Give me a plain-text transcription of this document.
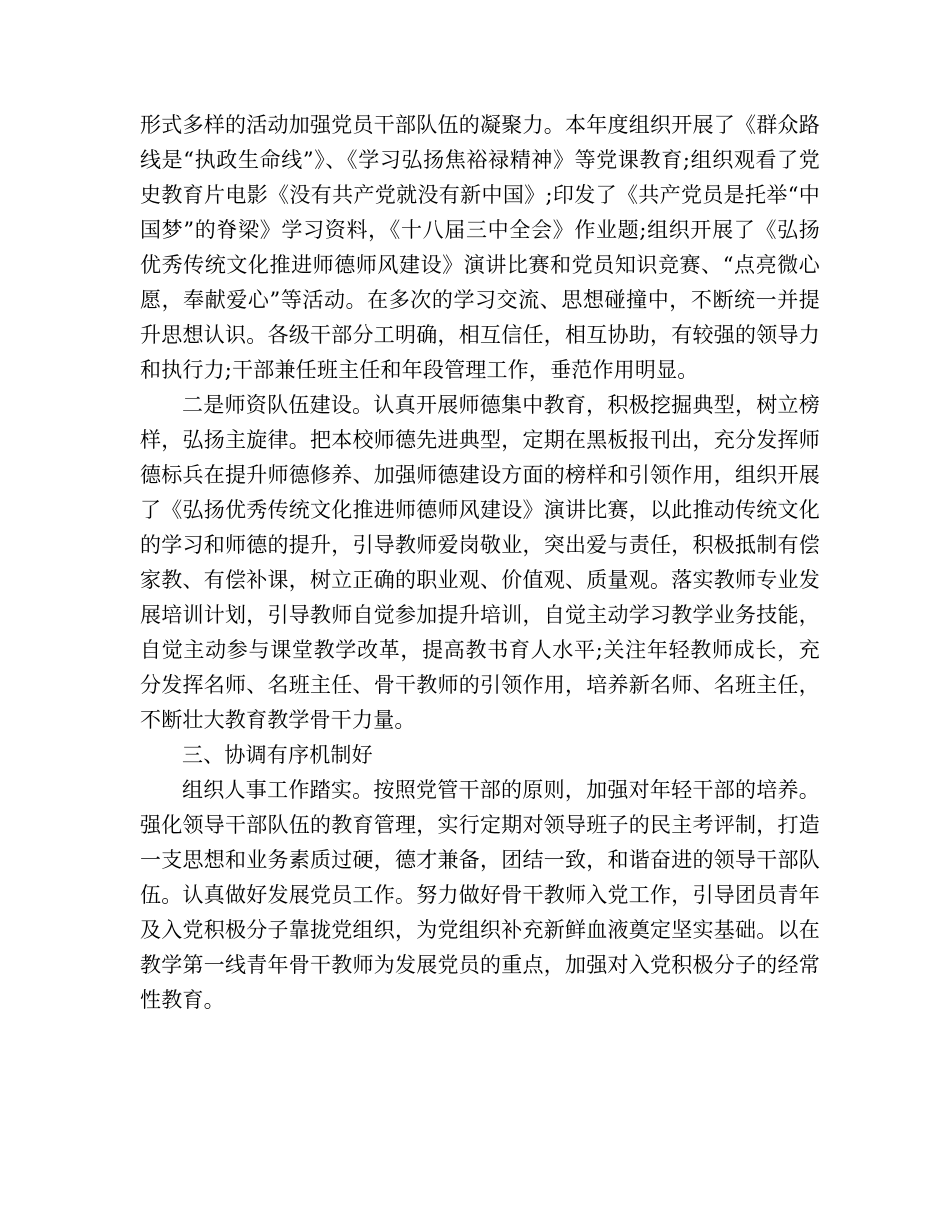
形式多样的活动加强党员干部队伍的凝聚力。本年度组织开展了《群众路线是“执政生命线”》、《学习弘扬焦裕禄精神》等党课教育;组织观看了党史教育片电影《没有共产党就没有新中国》;印发了《共产党员是托举“中国梦”的脊梁》学习资料，《十八届三中全会》作业题;组织开展了《弘扬优秀传统文化推进师德师风建设》演讲比赛和党员知识竞赛、“点亮微心愿，奉献爱心”等活动。在多次的学习交流、思想碰撞中，不断统一并提升思想认识。各级干部分工明确，相互信任，相互协助，有较强的领导力和执行力;干部兼任班主任和年段管理工作，垂范作用明显。

二是师资队伍建设。认真开展师德集中教育，积极挖掘典型，树立榜样，弘扬主旋律。把本校师德先进典型，定期在黑板报刊出，充分发挥师德标兵在提升师德修养、加强师德建设方面的榜样和引领作用，组织开展了《弘扬优秀传统文化推进师德师风建设》演讲比赛，以此推动传统文化的学习和师德的提升，引导教师爱岗敬业，突出爱与责任，积极抵制有偿家教、有偿补课，树立正确的职业观、价值观、质量观。落实教师专业发展培训计划，引导教师自觉参加提升培训，自觉主动学习教学业务技能，自觉主动参与课堂教学改革，提高教书育人水平;关注年轻教师成长，充分发挥名师、名班主任、骨干教师的引领作用，培养新名师、名班主任，不断壮大教育教学骨干力量。

三、协调有序机制好

组织人事工作踏实。按照党管干部的原则，加强对年轻干部的培养。强化领导干部队伍的教育管理，实行定期对领导班子的民主考评制，打造一支思想和业务素质过硬，德才兼备，团结一致，和谐奋进的领导干部队伍。认真做好发展党员工作。努力做好骨干教师入党工作，引导团员青年及入党积极分子靠拢党组织，为党组织补充新鲜血液奠定坚实基础。以在教学第一线青年骨干教师为发展党员的重点，加强对入党积极分子的经常性教育。
